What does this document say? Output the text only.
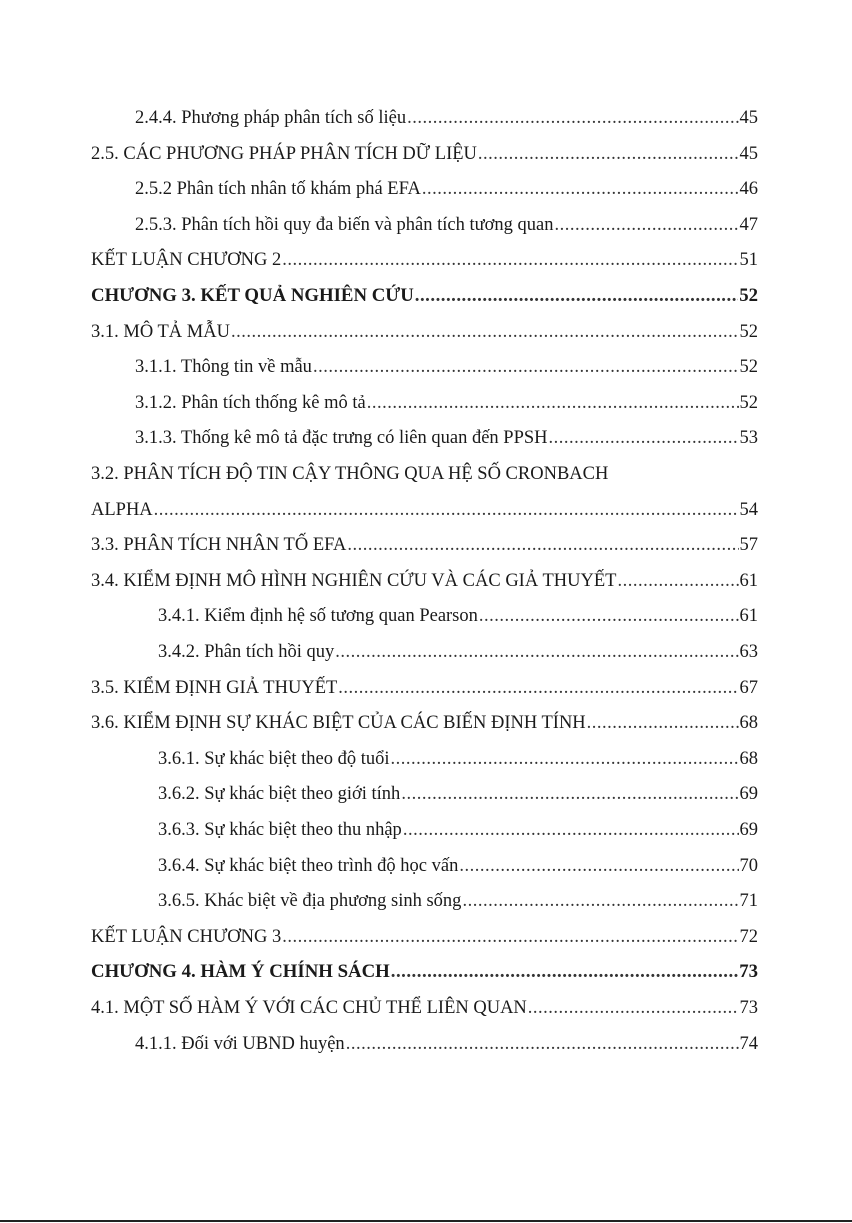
2.4.4. Phương pháp phân tích số liệu .....	45
2.5. CÁC PHƯƠNG PHÁP PHÂN TÍCH DỮ LIỆU .....	45
2.5.2 Phân tích nhân tố khám phá EFA .....	46
2.5.3. Phân tích hồi quy đa biến và phân tích tương quan .....	47
KẾT LUẬN CHƯƠNG 2 .....	51
CHƯƠNG 3. KẾT QUẢ NGHIÊN CỨU .....	52
3.1. MÔ TẢ MẪU .....	52
3.1.1. Thông tin về mẫu .....	52
3.1.2. Phân tích thống kê mô tả .....	52
3.1.3. Thống kê mô tả đặc trưng có liên quan đến PPSH .....	53
3.2. PHÂN TÍCH ĐỘ TIN CẬY THÔNG QUA HỆ SỐ CRONBACH
ALPHA .....	54
3.3. PHÂN TÍCH NHÂN TỐ EFA .....	57
3.4. KIỂM ĐỊNH MÔ HÌNH NGHIÊN CỨU VÀ CÁC GIẢ THUYẾT .....	61
3.4.1. Kiểm định hệ số tương quan Pearson .....	61
3.4.2. Phân tích hồi quy .....	63
3.5. KIỂM ĐỊNH GIẢ THUYẾT .....	67
3.6. KIỂM ĐỊNH SỰ KHÁC BIỆT CỦA CÁC BIẾN ĐỊNH TÍNH .....	68
3.6.1. Sự khác biệt theo độ tuổi .....	68
3.6.2. Sự khác biệt theo giới tính .....	69
3.6.3. Sự khác biệt theo thu nhập .....	69
3.6.4. Sự khác biệt theo trình độ học vấn .....	70
3.6.5. Khác biệt về địa phương sinh sống .....	71
KẾT LUẬN CHƯƠNG 3 .....	72
CHƯƠNG 4. HÀM Ý CHÍNH SÁCH .....	73
4.1. MỘT SỐ HÀM Ý VỚI CÁC CHỦ THỂ LIÊN QUAN .....	73
4.1.1. Đối với UBND huyện .....	74
